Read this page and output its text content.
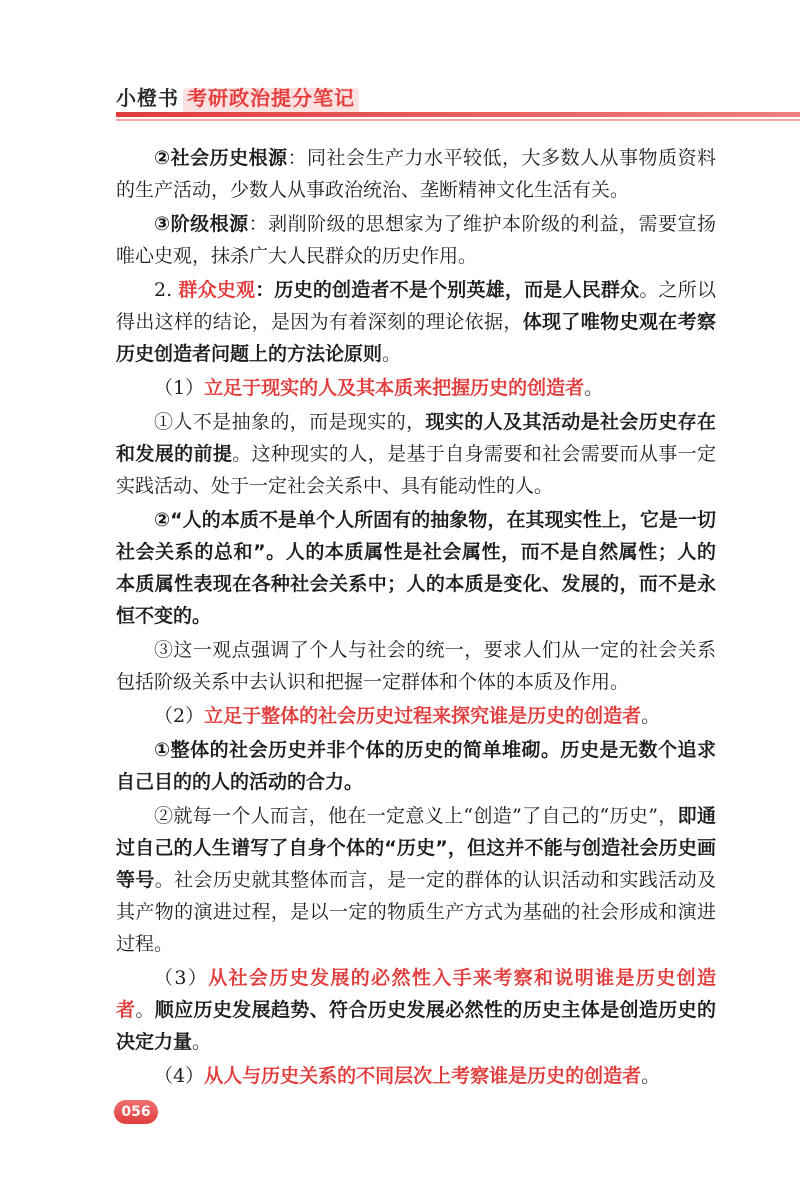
小橙书 考研政治提分笔记

②社会历史根源：同社会生产力水平较低，大多数人从事物质资料的生产活动，少数人从事政治统治、垄断精神文化生活有关。

③阶级根源：剥削阶级的思想家为了维护本阶级的利益，需要宣扬唯心史观，抹杀广大人民群众的历史作用。

2. 群众史观：历史的创造者不是个别英雄，而是人民群众。之所以得出这样的结论，是因为有着深刻的理论依据，体现了唯物史观在考察历史创造者问题上的方法论原则。

（1）立足于现实的人及其本质来把握历史的创造者。

①人不是抽象的，而是现实的，现实的人及其活动是社会历史存在和发展的前提。这种现实的人，是基于自身需要和社会需要而从事一定实践活动、处于一定社会关系中、具有能动性的人。

②“人的本质不是单个人所固有的抽象物，在其现实性上，它是一切社会关系的总和”。人的本质属性是社会属性，而不是自然属性；人的本质属性表现在各种社会关系中；人的本质是变化、发展的，而不是永恒不变的。

③这一观点强调了个人与社会的统一，要求人们从一定的社会关系包括阶级关系中去认识和把握一定群体和个体的本质及作用。

（2）立足于整体的社会历史过程来探究谁是历史的创造者。

①整体的社会历史并非个体的历史的简单堆砌。历史是无数个追求自己目的的人的活动的合力。

②就每一个人而言，他在一定意义上“创造”了自己的“历史”，即通过自己的人生谱写了自身个体的“历史”，但这并不能与创造社会历史画等号。社会历史就其整体而言，是一定的群体的认识活动和实践活动及其产物的演进过程，是以一定的物质生产方式为基础的社会形成和演进过程。

（3）从社会历史发展的必然性入手来考察和说明谁是历史创造者。顺应历史发展趋势、符合历史发展必然性的历史主体是创造历史的决定力量。

（4）从人与历史关系的不同层次上考察谁是历史的创造者。

056
